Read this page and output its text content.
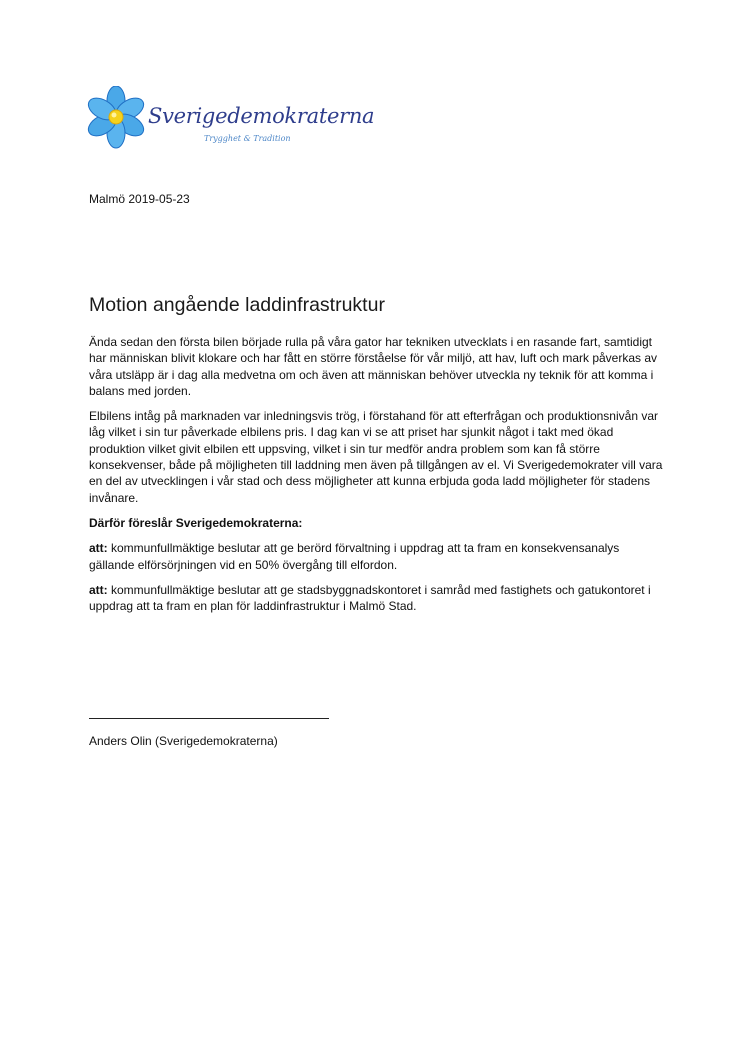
Sverigedemokraterna
Trygghet & Tradition
Malmö 2019-05-23
Motion angående laddinfrastruktur

Ända sedan den första bilen började rulla på våra gator har tekniken utvecklats i en rasande fart, samtidigt har människan blivit klokare och har fått en större förståelse för vår miljö, att hav, luft och mark påverkas av våra utsläpp är i dag alla medvetna om och även att människan behöver utveckla ny teknik för att komma i balans med jorden.

Elbilens intåg på marknaden var inledningsvis trög, i förstahand för att efterfrågan och produktionsnivån var låg vilket i sin tur påverkade elbilens pris. I dag kan vi se att priset har sjunkit något i takt med ökad produktion vilket givit elbilen ett uppsving, vilket i sin tur medför andra problem som kan få större konsekvenser, både på möjligheten till laddning men även på tillgången av el. Vi Sverigedemokrater vill vara en del av utvecklingen i vår stad och dess möjligheter att kunna erbjuda goda ladd möjligheter för stadens invånare.

Därför föreslår Sverigedemokraterna:

att: kommunfullmäktige beslutar att ge berörd förvaltning i uppdrag att ta fram en konsekvensanalys gällande elförsörjningen vid en 50% övergång till elfordon.

att: kommunfullmäktige beslutar att ge stadsbyggnadskontoret i samråd med fastighets och gatukontoret i uppdrag att ta fram en plan för laddinfrastruktur i Malmö Stad.

Anders Olin (Sverigedemokraterna)
